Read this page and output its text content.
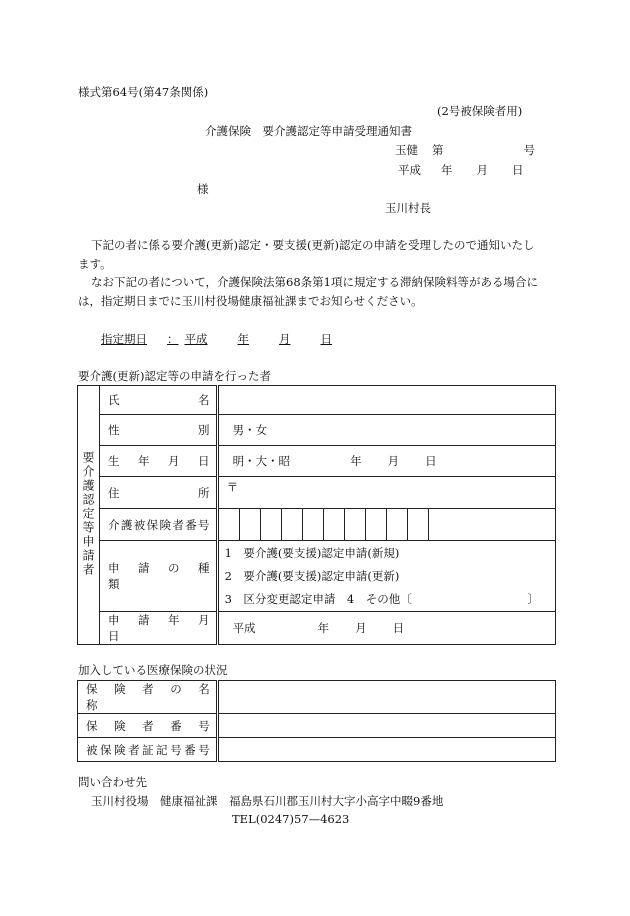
様式第64号(第47条関係)
(2号被保険者用)
介護保険　要介護認定等申請受理通知書
玉健 第	号
平成 年 月 日
様
玉川村長
下記の者に係る要介護(更新)認定・要支援(更新)認定の申請を受理したので通知いたし
ます。
なお下記の者について，介護保険法第68条第1項に規定する滞納保険料等がある場合に
は，指定期日までに玉川村役場健康福祉課までお知らせください。
指定期日 ： 平成	年	月	日
要介護(更新)認定等の申請を行った者
要介護認定等申請者	氏　名	
	性　別	男・女
	生　年　月　日	明・大・昭 年 月 日
	住　所	〒
	介護被保険者番号	

	申　請　の　種　類	1　要介護(要支援)認定申請(新規)
2　要介護(要支援)認定申請(更新)
3　区分変更認定申請　4　その他〔 〕

	申　請　年　月　日	平成 年 月 日
加入している医療保険の状況
保　険　者　の　名　称	
保　険　者　番　号	
被保険者証記号番号	
問い合わせ先
玉川村役場　健康福祉課　福島県石川郡玉川村大字小高字中畷9番地
TEL(0247)57—4623
